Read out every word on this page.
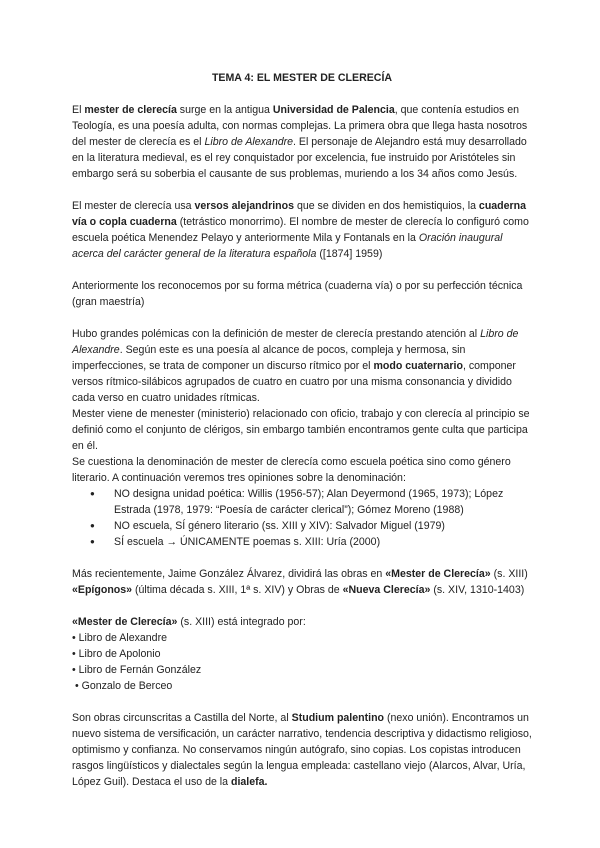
TEMA 4: EL MESTER DE CLERECÍA

El mester de clerecía surge en la antigua Universidad de Palencia, que contenía estudios en Teología, es una poesía adulta, con normas complejas. La primera obra que llega hasta nosotros del mester de clerecía es el Libro de Alexandre. El personaje de Alejandro está muy desarrollado en la literatura medieval, es el rey conquistador por excelencia, fue instruido por Aristóteles sin embargo será su soberbia el causante de sus problemas, muriendo a los 34 años como Jesús.

El mester de clerecía usa versos alejandrinos que se dividen en dos hemistiquios, la cuaderna vía o copla cuaderna (tetrástico monorrimo). El nombre de mester de clerecía lo configuró como escuela poética Menendez Pelayo y anteriormente Mila y Fontanals en la Oración inaugural acerca del carácter general de la literatura española ([1874] 1959)

Anteriormente los reconocemos por su forma métrica (cuaderna vía) o por su perfección técnica (gran maestría)

Hubo grandes polémicas con la definición de mester de clerecía prestando atención al Libro de Alexandre. Según este es una poesía al alcance de pocos, compleja y hermosa, sin imperfecciones, se trata de componer un discurso rítmico por el modo cuaternario, componer versos rítmico-silábicos agrupados de cuatro en cuatro por una misma consonancia y dividido cada verso en cuatro unidades rítmicas.

Mester viene de menester (ministerio) relacionado con oficio, trabajo y con clerecía al principio se definió como el conjunto de clérigos, sin embargo también encontramos gente culta que participa en él.

Se cuestiona la denominación de mester de clerecía como escuela poética sino como género literario. A continuación veremos tres opiniones sobre la denominación:

● NO designa unidad poética: Willis (1956-57); Alan Deyermond (1965, 1973); López Estrada (1978, 1979: “Poesía de carácter clerical”); Gómez Moreno (1988)
● NO escuela, SÍ género literario (ss. XIII y XIV): Salvador Miguel (1979)
● SÍ escuela → ÚNICAMENTE poemas s. XIII: Uría (2000)

Más recientemente, Jaime González Álvarez, dividirá las obras en «Mester de Clerecía» (s. XIII) «Epígonos» (última década s. XIII, 1ª s. XIV) y Obras de «Nueva Clerecía» (s. XIV, 1310-1403)

«Mester de Clerecía» (s. XIII) está integrado por:

• Libro de Alexandre
• Libro de Apolonio
• Libro de Fernán González
• Gonzalo de Berceo

Son obras circunscritas a Castilla del Norte, al Studium palentino (nexo unión). Encontramos un nuevo sistema de versificación, un carácter narrativo, tendencia descriptiva y didactismo religioso, optimismo y confianza. No conservamos ningún autógrafo, sino copias. Los copistas introducen rasgos lingüísticos y dialectales según la lengua empleada: castellano viejo (Alarcos, Alvar, Uría, López Guil). Destaca el uso de la dialefa.
